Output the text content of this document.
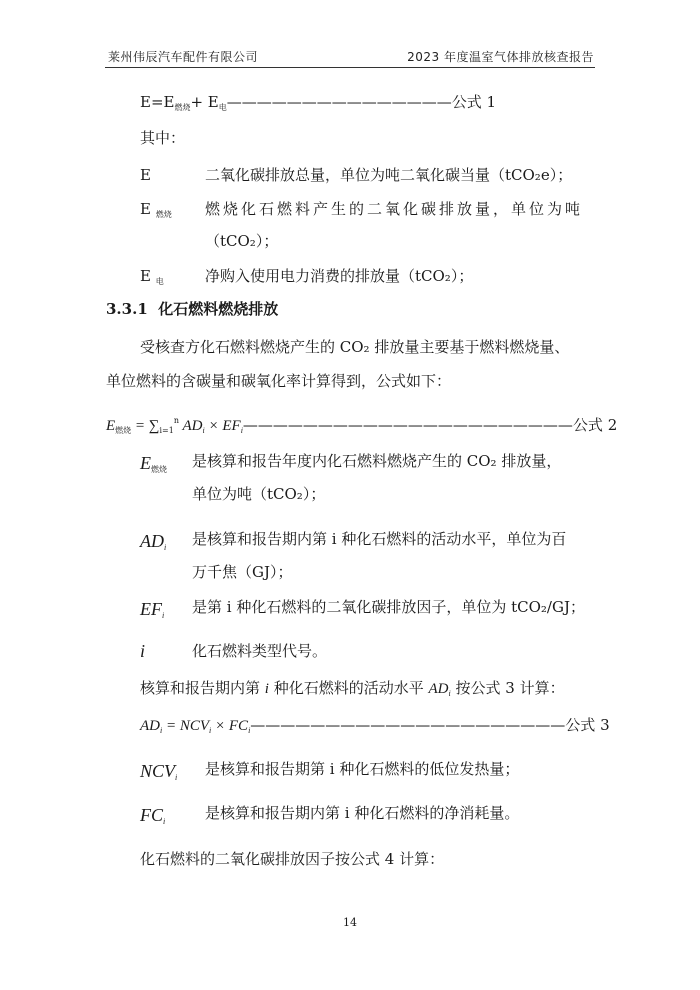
莱州伟辰汽车配件有限公司	2023 年度温室气体排放核查报告
$E=E_{燃烧}+$ $E_电———————————————$公式 1
其中：
E	二氧化碳排放总量，单位为吨二氧化碳当量（tCO₂e）；
E $_{燃烧}$ 燃烧化石燃料产生的二氧化碳排放量，单位为吨
（tCO₂）；
E $_电$	净购入使用电力消费的排放量（tCO₂）；
3.3.1 化石燃料燃烧排放
受核查方化石燃料燃烧产生的 CO₂ 排放量主要基于燃料燃烧量、
单位燃料的含碳量和碳氧化率计算得到，公式如下：
$E_{燃烧} = \sum_{i=1}^n$ $AD_i$ × $EF_i——————————————————————$公式 2
$E_{燃烧}$ 是核算和报告年度内化石燃料燃烧产生的 CO₂ 排放量，
单位为吨（tCO₂）；
$AD_i$ 是核算和报告期内第 i 种化石燃料的活动水平，单位为百
万千焦（GJ）；
$EF_i$ 是第 i 种化石燃料的二氧化碳排放因子，单位为 tCO₂/GJ；
i	化石燃料类型代号。
核算和报告期内第 i 种化石燃料的活动水平 $AD_i$ 按公式 3 计算：
$AD_i = NCV_i$ × $FC_i—————————————————————$公式 3
$NCV_i$ 是核算和报告期第 i 种化石燃料的低位发热量；
$FC_i$	是核算和报告期内第 i 种化石燃料的净消耗量。
化石燃料的二氧化碳排放因子按公式 4 计算：
14
